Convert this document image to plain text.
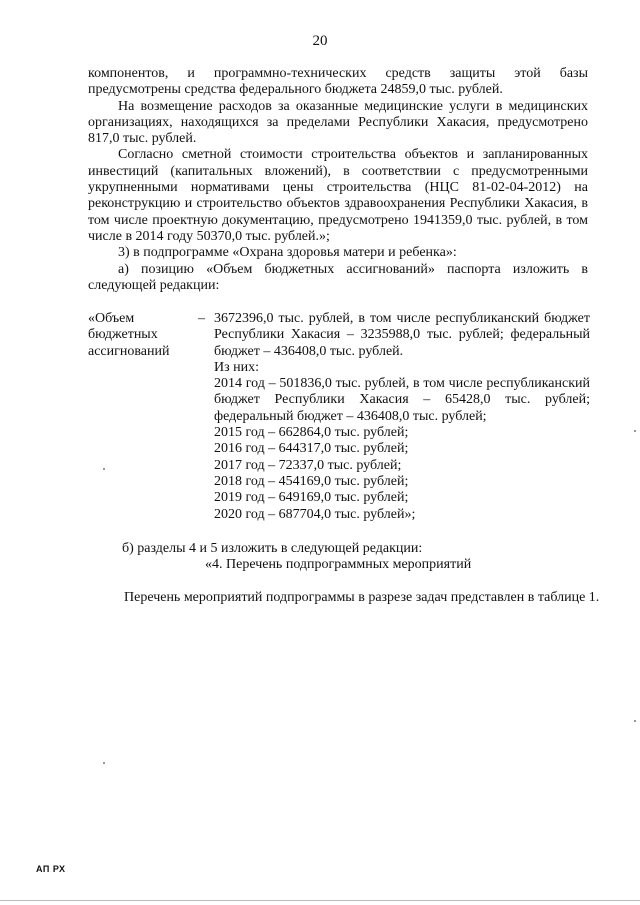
20

компонентов, и программно-технических средств защиты этой базы

предусмотрены средства федерального бюджета 24859,0 тыс. рублей.

На возмещение расходов за оказанные медицинские услуги в медицинских организациях, находящихся за пределами Республики Хакасия, предусмотрено 817,0 тыс. рублей.

Согласно сметной стоимости строительства объектов и запланированных инвестиций (капитальных вложений), в соответствии с предусмотренными укрупненными нормативами цены строительства (НЦС 81-02-04-2012) на реконструкцию и строительство объектов здравоохранения Республики Хакасия, в том числе проектную документацию, предусмотрено 1941359,0 тыс. рублей, в том числе в 2014 году 50370,0 тыс. рублей.»;

3) в подпрограмме «Охрана здоровья матери и ребенка»:

а) позицию «Объем бюджетных ассигнований» паспорта изложить в следующей редакции:

«Объем

бюджетных

ассигнований

– 3672396,0 тыс. рублей, в том числе республиканский бюджет Республики Хакасия – 3235988,0 тыс. рублей; федеральный бюджет – 436408,0 тыс. рублей.

Из них:

2014 год – 501836,0 тыс. рублей, в том числе республиканский бюджет Республики Хакасия – 65428,0 тыс. рублей; федеральный бюджет – 436408,0 тыс. рублей;

2015 год – 662864,0 тыс. рублей;

2016 год – 644317,0 тыс. рублей;

2017 год – 72337,0 тыс. рублей;

2018 год – 454169,0 тыс. рублей;

2019 год – 649169,0 тыс. рублей;

2020 год – 687704,0 тыс. рублей»;

б) разделы 4 и 5 изложить в следующей редакции:
«4. Перечень подпрограммных мероприятий
Перечень мероприятий подпрограммы в разрезе задач представлен в таблице 1.
АП РХ
